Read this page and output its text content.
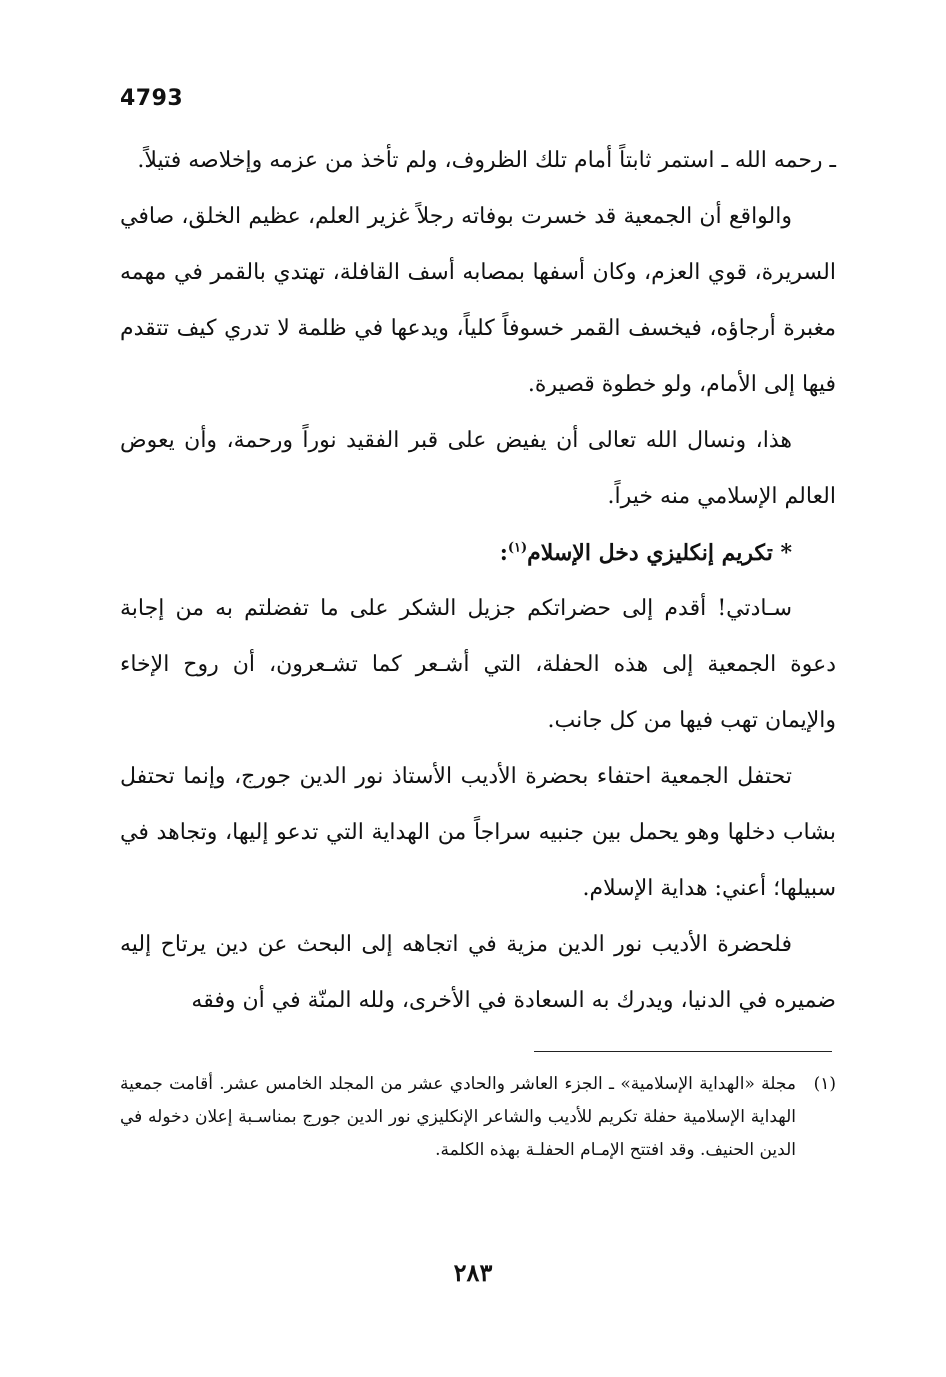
4793

ـ رحمه الله ـ استمر ثابتاً أمام تلك الظروف، ولم تأخذ من عزمه وإخلاصه فتيلاً.

والواقع أن الجمعية قد خسرت بوفاته رجلاً غزير العلم، عظيم الخلق، صافي السريرة، قوي العزم، وكان أسفها بمصابه أسف القافلة، تهتدي بالقمر في مهمه مغبرة أرجاؤه، فيخسف القمر خسوفاً كلياً، ويدعها في ظلمة لا تدري كيف تتقدم فيها إلى الأمام، ولو خطوة قصيرة.

هذا، ونسال الله تعالى أن يفيض على قبر الفقيد نوراً ورحمة، وأن يعوض العالم الإسلامي منه خيراً.

* تكريم إنكليزي دخل الإسلام$^{(١)}$:

سـادتي! أقدم إلى حضراتكم جزيل الشكر على ما تفضلتم به من إجابة دعوة الجمعية إلى هذه الحفلة، التي أشـعر كما تشـعرون، أن روح الإخاء والإيمان تهب فيها من كل جانب.

تحتفل الجمعية احتفاء بحضرة الأديب الأستاذ نور الدين جورج، وإنما تحتفل بشاب دخلها وهو يحمل بين جنبيه سراجاً من الهداية التي تدعو إليها، وتجاهد في سبيلها؛ أعني: هداية الإسلام.

فلحضرة الأديب نور الدين مزية في اتجاهه إلى البحث عن دين يرتاح إليه ضميره في الدنيا، ويدرك به السعادة في الأخرى، ولله المنّة في أن وفقه

(١)
مجلة «الهداية الإسلامية» ـ الجزء العاشر والحادي عشر من المجلد الخامس عشر. أقامت جمعية الهداية الإسلامية حفلة تكريم للأديب والشاعر الإنكليزي نور الدين جورج بمناسـبة إعلان دخوله في الدين الحنيف. وقد افتتح الإمـام الحفلـة بهذه الكلمة.
٢٨٣
